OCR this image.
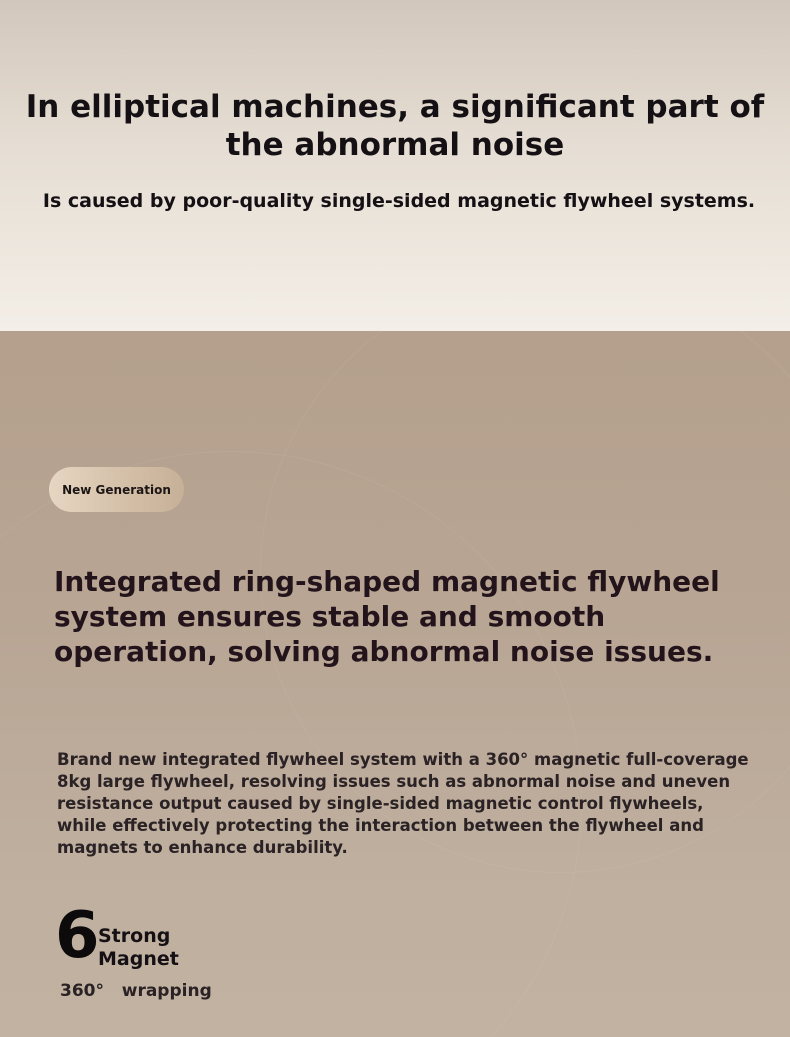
In elliptical machines, a significant part of the abnormal noise

Is caused by poor-quality single-sided magnetic flywheel systems.

New Generation
Integrated ring-shaped magnetic flywheel system ensures stable and smooth operation, solving abnormal noise issues.

Brand new integrated flywheel system with a 360° magnetic full-coverage 8kg large flywheel, resolving issues such as abnormal noise and uneven resistance output caused by single-sided magnetic control flywheels, while effectively protecting the interaction between the flywheel and magnets to enhance durability.

6
Strong
Magnet
360°   wrapping
